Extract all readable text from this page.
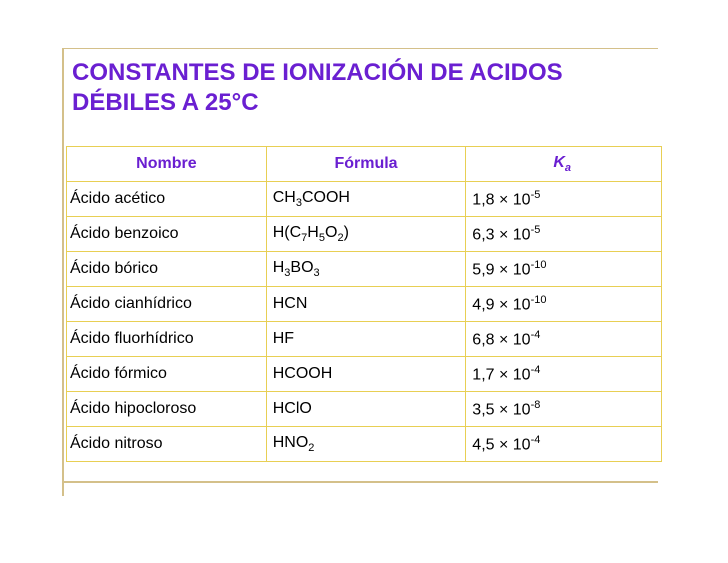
CONSTANTES DE IONIZACIÓN DE ACIDOS
DÉBILES A 25°C
Nombre	Fórmula	$K_a$
Ácido acético	$CH_3COOH$	$1,8 \times 10^{-5}$
Ácido benzoico	$H(C_7H_5O_2)$	$6,3 \times 10^{-5}$
Ácido bórico	$H_3BO_3$	$5,9 \times 10^{-10}$
Ácido cianhídrico	HCN	$4,9 \times 10^{-10}$
Ácido fluorhídrico	HF	$6,8 \times 10^{-4}$
Ácido fórmico	HCOOH	$1,7 \times 10^{-4}$
Ácido hipocloroso	HClO	$3,5 \times 10^{-8}$
Ácido nitroso	$HNO_2$	$4,5 \times 10^{-4}$
